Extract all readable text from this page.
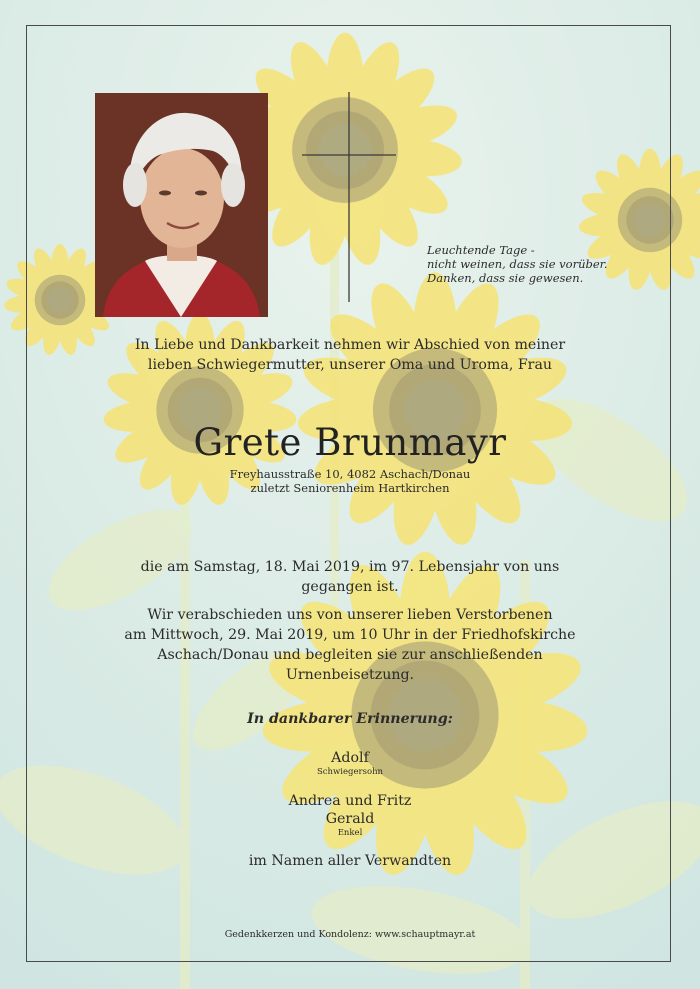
Leuchtende Tage -
nicht weinen, dass sie vorüber.
Danken, dass sie gewesen.
In Liebe und Dankbarkeit nehmen wir Abschied von meiner
lieben Schwiegermutter, unserer Oma und Uroma, Frau
Grete Brunmayr
Freyhausstraße 10, 4082 Aschach/Donau
zuletzt Seniorenheim Hartkirchen
die am Samstag, 18. Mai 2019, im 97. Lebensjahr von uns
gegangen ist.
Wir verabschieden uns von unserer lieben Verstorbenen
am Mittwoch, 29. Mai 2019, um 10 Uhr in der Friedhofskirche
Aschach/Donau und begleiten sie zur anschließenden
Urnenbeisetzung.
In dankbarer Erinnerung:
Adolf
Schwiegersohn
Andrea und Fritz
Gerald
Enkel
im Namen aller Verwandten
Gedenkkerzen und Kondolenz: www.schauptmayr.at
